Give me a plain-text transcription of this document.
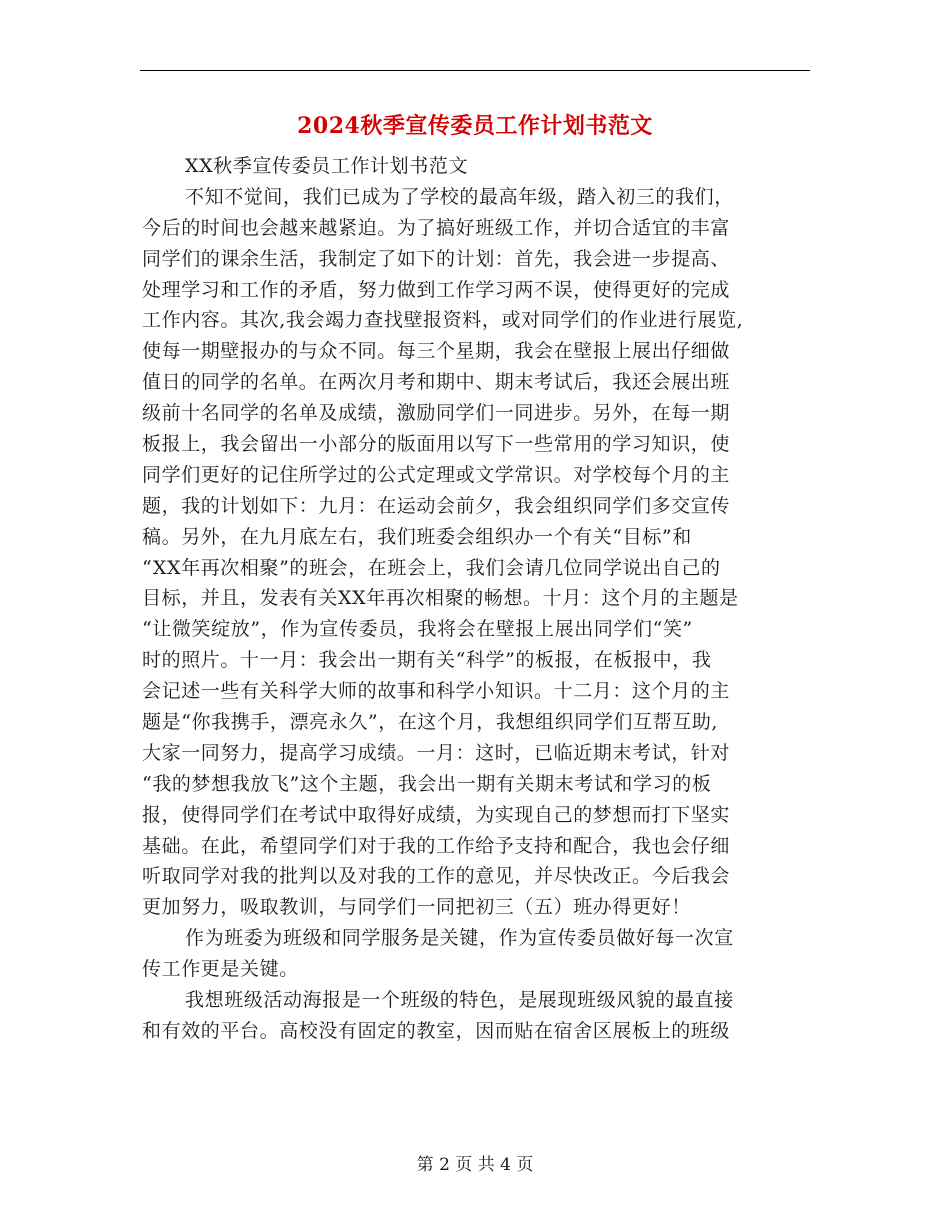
2024秋季宣传委员工作计划书范文
XX秋季宣传委员工作计划书范文
不知不觉间，我们已成为了学校的最高年级，踏入初三的我们，
今后的时间也会越来越紧迫。为了搞好班级工作，并切合适宜的丰富
同学们的课余生活，我制定了如下的计划：首先，我会进一步提高、
处理学习和工作的矛盾，努力做到工作学习两不误，使得更好的完成
工作内容。其次,我会竭力查找壁报资料，或对同学们的作业进行展览,
使每一期壁报办的与众不同。每三个星期，我会在壁报上展出仔细做
值日的同学的名单。在两次月考和期中、期末考试后，我还会展出班
级前十名同学的名单及成绩，激励同学们一同进步。另外，在每一期
板报上，我会留出一小部分的版面用以写下一些常用的学习知识，使
同学们更好的记住所学过的公式定理或文学常识。对学校每个月的主
题，我的计划如下：九月：在运动会前夕，我会组织同学们多交宣传
稿。另外，在九月底左右，我们班委会组织办一个有关“目标”和
“XX年再次相聚”的班会，在班会上，我们会请几位同学说出自己的
目标，并且，发表有关XX年再次相聚的畅想。十月：这个月的主题是
“让微笑绽放”，作为宣传委员，我将会在壁报上展出同学们“笑”
时的照片。十一月：我会出一期有关“科学”的板报，在板报中，我
会记述一些有关科学大师的故事和科学小知识。十二月：这个月的主
题是“你我携手，漂亮永久”，在这个月，我想组织同学们互帮互助,
大家一同努力，提高学习成绩。一月：这时，已临近期末考试，针对
“我的梦想我放飞”这个主题，我会出一期有关期末考试和学习的板
报，使得同学们在考试中取得好成绩，为实现自己的梦想而打下坚实
基础。在此，希望同学们对于我的工作给予支持和配合，我也会仔细
听取同学对我的批判以及对我的工作的意见，并尽快改正。今后我会
更加努力，吸取教训，与同学们一同把初三（五）班办得更好！
作为班委为班级和同学服务是关键，作为宣传委员做好每一次宣
传工作更是关键。
我想班级活动海报是一个班级的特色，是展现班级风貌的最直接
和有效的平台。高校没有固定的教室，因而贴在宿舍区展板上的班级
第 2 页 共 4 页
